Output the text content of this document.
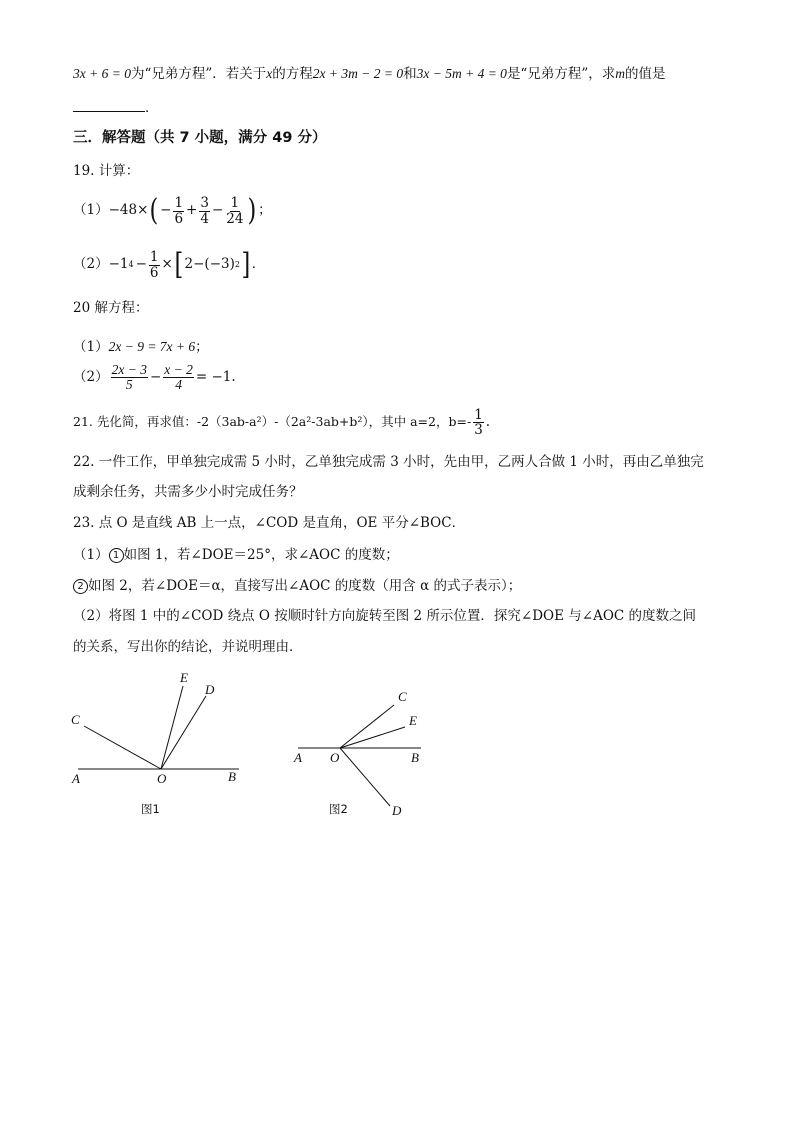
3x + 6 = 0为“兄弟方程”．若关于x的方程2x + 3m − 2 = 0和3x − 5m + 4 = 0是“兄弟方程”，求m的值是
．
三．解答题（共 7 小题，满分 49 分）
19. 计算：
（1） −48× ( − $\frac{1}{6} + \frac{3}{4} - \frac{1}{24}$ ) ；
（2） −1 $4 - \frac{1}{6}$ × [ 2−(−3) 2 ] ．
20 解方程：
（1）2x − 9 = 7x + 6；
$(2) \frac{2x - 3}{5} - \frac{x - 2}{4} = -1$.
21. 先化简，再求值：-2（3ab-a²）-（2a²-3ab+b²），其中 a=2，$b=- \frac{1}{3}$ .
22. 一件工作，甲单独完成需 5 小时，乙单独完成需 3 小时，先由甲，乙两人合做 1 小时，再由乙单独完
成剩余任务，共需多少小时完成任务？
23. 点 O 是直线 AB 上一点，∠COD 是直角，OE 平分∠BOC．
（1） 1 如图 1，若∠DOE＝25°，求∠AOC 的度数；
2 如图 2，若∠DOE＝α，直接写出∠AOC 的度数（用含 α 的式子表示）；
（2）将图 1 中的∠COD 绕点 O 按顺时针方向旋转至图 2 所示位置．探究∠DOE 与∠AOC 的度数之间
的关系，写出你的结论，并说明理由．
A	O	B
C
E
D
图1
A O	B
C
E
D
图2
